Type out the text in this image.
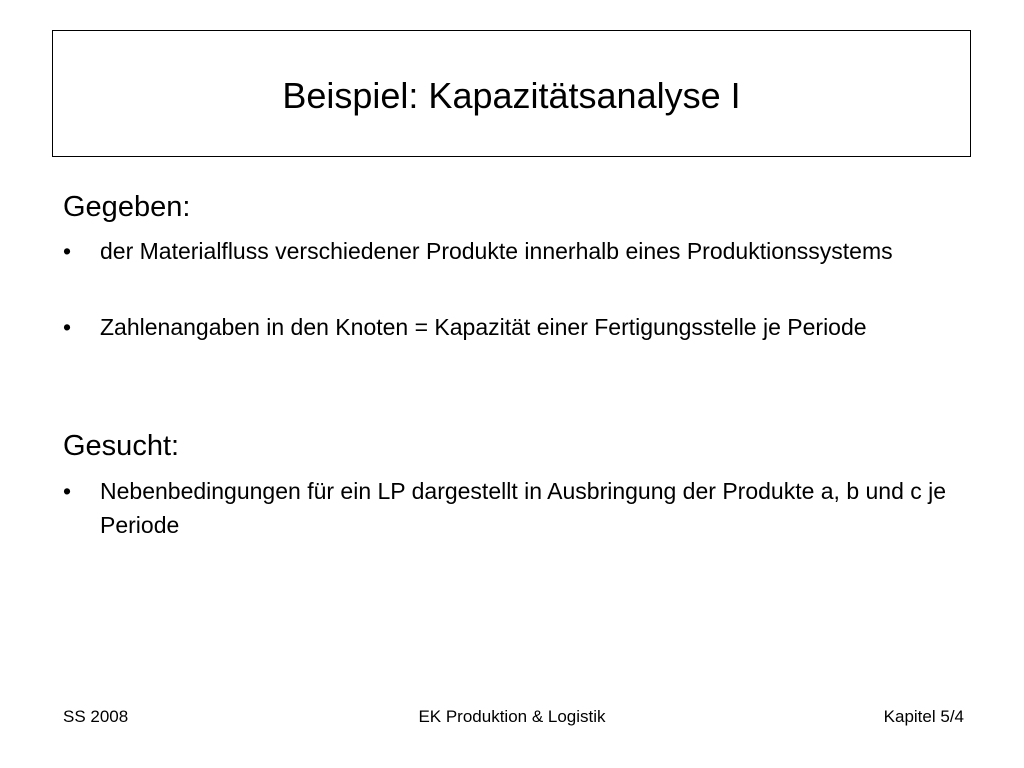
Beispiel: Kapazitätsanalyse I
Gegeben:
•	der Materialfluss verschiedener Produkte innerhalb eines Produktionssystems
•	Zahlenangaben in den Knoten = Kapazität einer Fertigungsstelle je Periode
Gesucht:
•	Nebenbedingungen für ein LP dargestellt in Ausbringung der Produkte a, b und c je Periode
SS 2008	EK Produktion & Logistik	Kapitel 5/4
